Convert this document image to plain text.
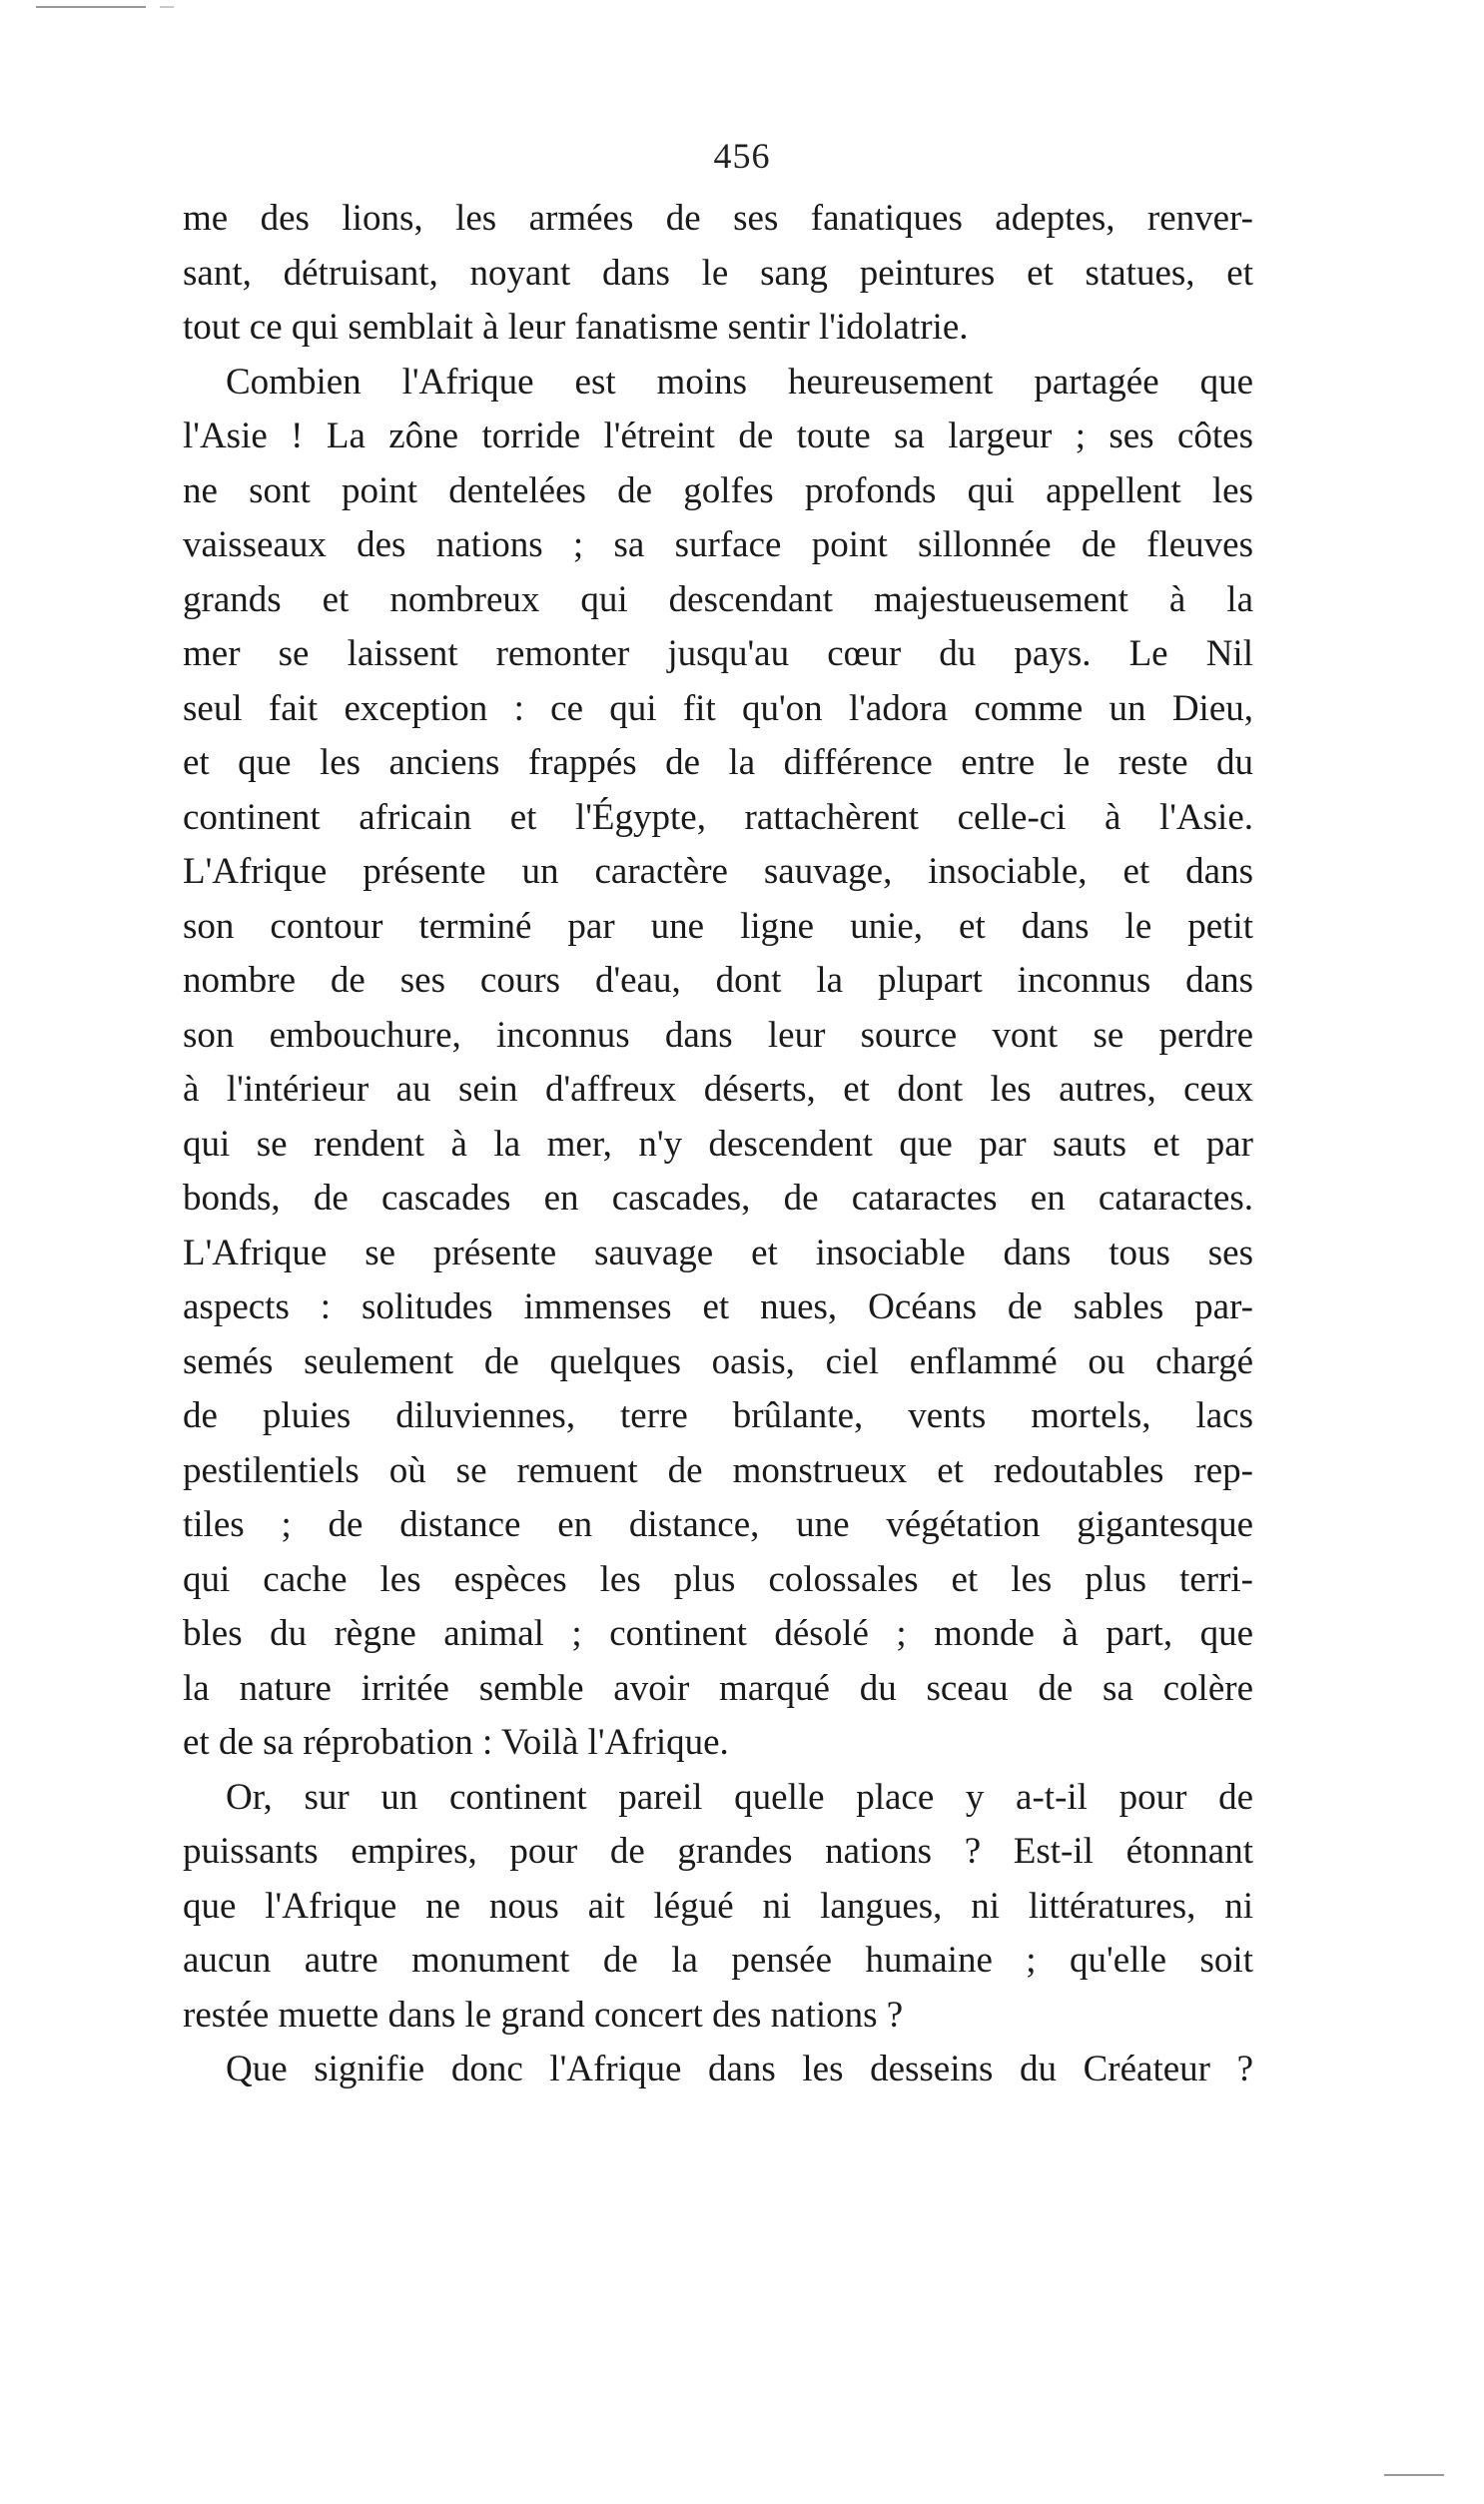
456
me des lions, les armées de ses fanatiques adeptes, renver-
sant, détruisant, noyant dans le sang peintures et statues, et
tout ce qui semblait à leur fanatisme sentir l'idolatrie.
Combien l'Afrique est moins heureusement partagée que
l'Asie ! La zône torride l'étreint de toute sa largeur ; ses côtes
ne sont point dentelées de golfes profonds qui appellent les
vaisseaux des nations ; sa surface point sillonnée de fleuves
grands et nombreux qui descendant majestueusement à la
mer se laissent remonter jusqu'au cœur du pays. Le Nil
seul fait exception : ce qui fit qu'on l'adora comme un Dieu,
et que les anciens frappés de la différence entre le reste du
continent africain et l'Égypte, rattachèrent celle-ci à l'Asie.
L'Afrique présente un caractère sauvage, insociable, et dans
son contour terminé par une ligne unie, et dans le petit
nombre de ses cours d'eau, dont la plupart inconnus dans
son embouchure, inconnus dans leur source vont se perdre
à l'intérieur au sein d'affreux déserts, et dont les autres, ceux
qui se rendent à la mer, n'y descendent que par sauts et par
bonds, de cascades en cascades, de cataractes en cataractes.
L'Afrique se présente sauvage et insociable dans tous ses
aspects : solitudes immenses et nues, Océans de sables par-
semés seulement de quelques oasis, ciel enflammé ou chargé
de pluies diluviennes, terre brûlante, vents mortels, lacs
pestilentiels où se remuent de monstrueux et redoutables rep-
tiles ; de distance en distance, une végétation gigantesque
qui cache les espèces les plus colossales et les plus terri-
bles du règne animal ; continent désolé ; monde à part, que
la nature irritée semble avoir marqué du sceau de sa colère
et de sa réprobation : Voilà l'Afrique.
Or, sur un continent pareil quelle place y a-t-il pour de
puissants empires, pour de grandes nations ? Est-il étonnant
que l'Afrique ne nous ait légué ni langues, ni littératures, ni
aucun autre monument de la pensée humaine ; qu'elle soit
restée muette dans le grand concert des nations ?
Que signifie donc l'Afrique dans les desseins du Créateur ?
